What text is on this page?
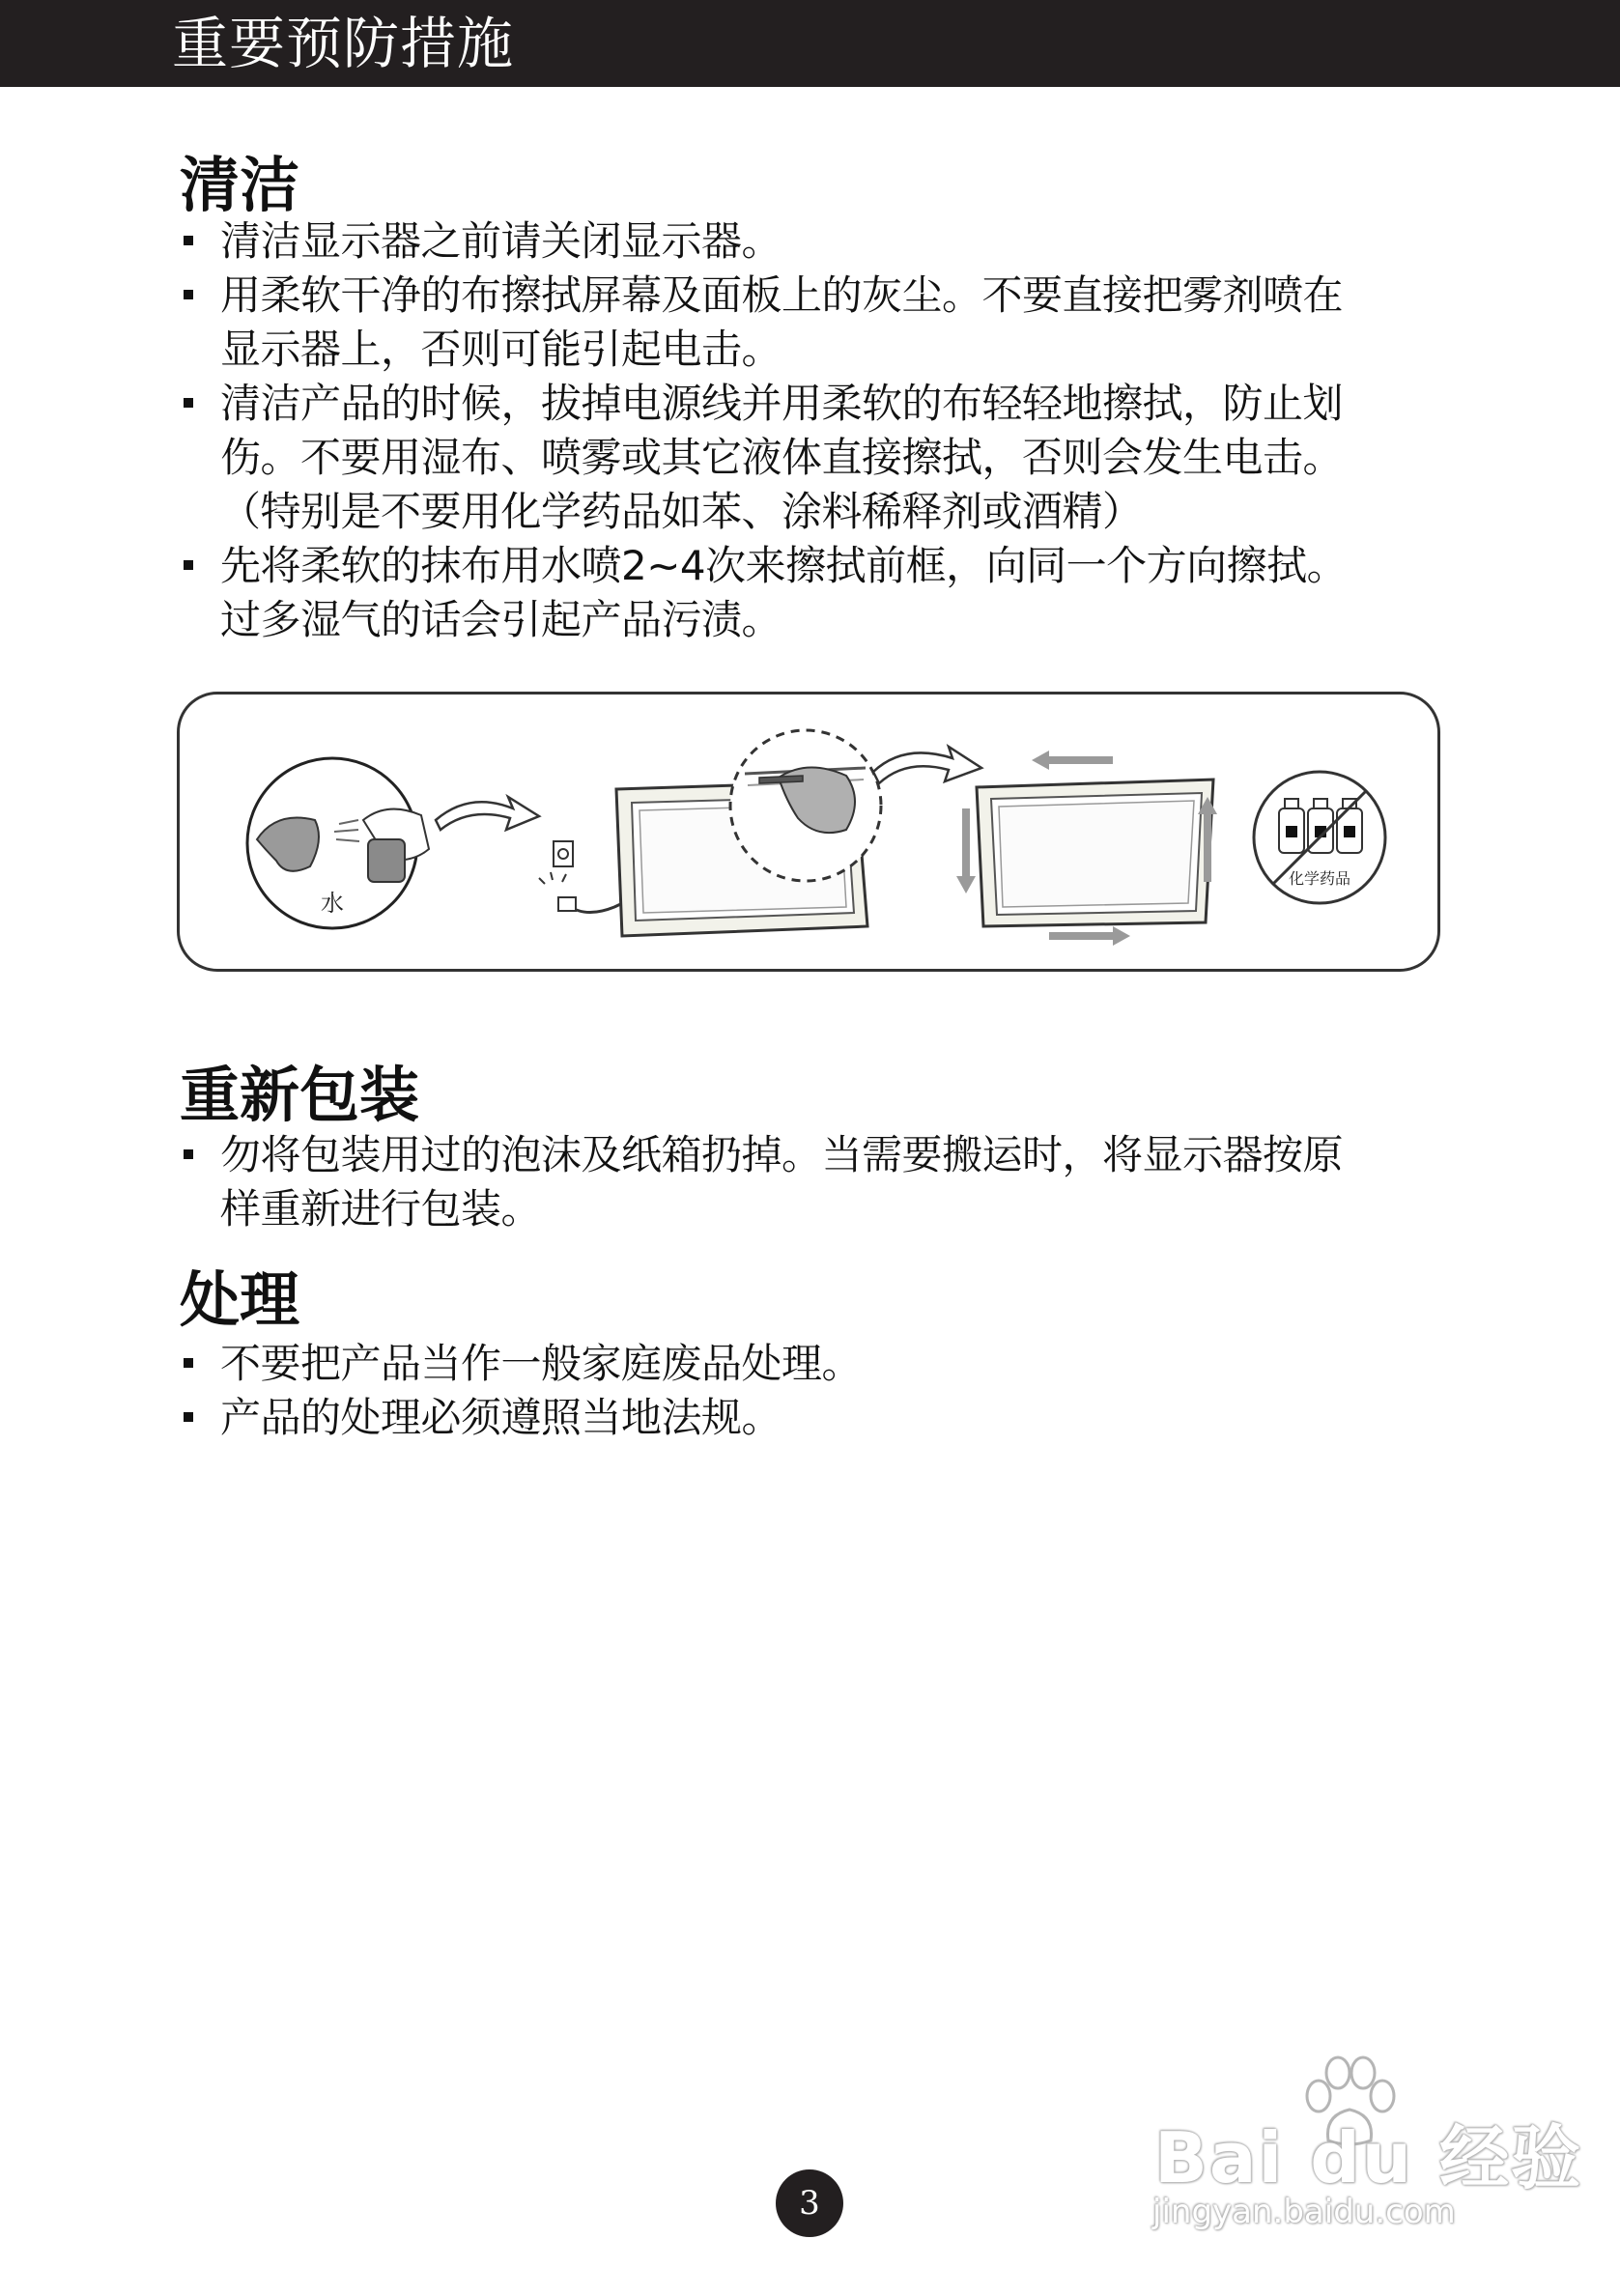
重要预防措施
清洁
清洁显示器之前请关闭显示器。
用柔软干净的布擦拭屏幕及面板上的灰尘。不要直接把雾剂喷在
显示器上，否则可能引起电击。
清洁产品的时候，拔掉电源线并用柔软的布轻轻地擦拭，防止划
伤。不要用湿布、喷雾或其它液体直接擦拭，否则会发生电击。
（特别是不要用化学药品如苯、涂料稀释剂或酒精）
先将柔软的抹布用水喷2~4次来擦拭前框，向同一个方向擦拭。
过多湿气的话会引起产品污渍。
水
化学药品
重新包装
勿将包装用过的泡沫及纸箱扔掉。当需要搬运时，将显示器按原
样重新进行包装。
处理
不要把产品当作一般家庭废品处理。
产品的处理必须遵照当地法规。
Bai du 经验
jingyan.baidu.com
3
